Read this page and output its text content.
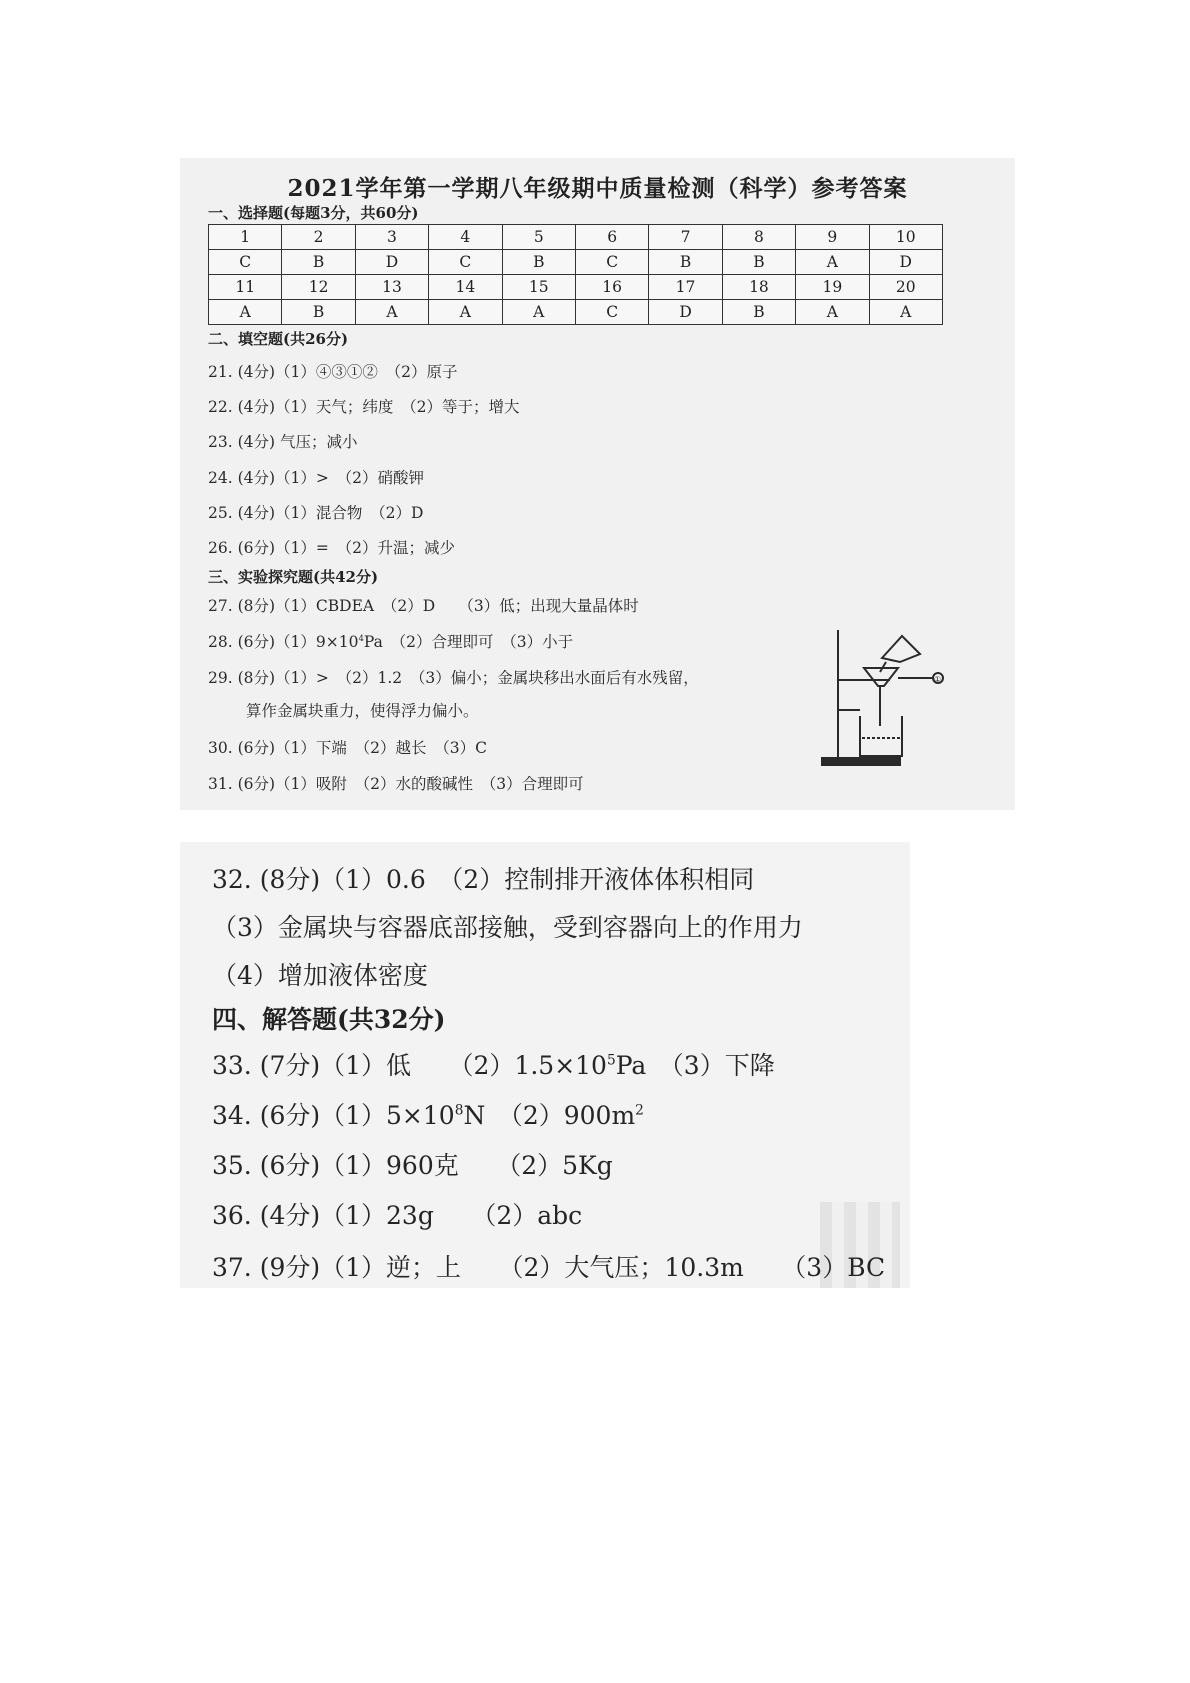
2021学年第一学期八年级期中质量检测（科学）参考答案
一、选择题(每题3分，共60分)
1	2	3	4	5	6	7	8	9	10
C	B	D	C	B	C	B	B	A	D
11	12	13	14	15	16	17	18	19	20
A	B	A	A	A	C	D	B	A	A
二、填空题(共26分)
21. (4分)（1）④③①②　（2）原子
22. (4分)（1）天气；纬度　（2）等于；增大
23. (4分) 气压；减小
24. (4分)（1）>　（2）硝酸钾
25. (4分)（1）混合物　（2）D
26. (6分)（1）=　（2）升温；减少
三、实验探究题(共42分)
27. (8分)（1）CBDEA　（2）D　　（3）低；出现大量晶体时
28. (6分)$(1)9\times 10^4Pa$　（2）合理即可　（3）小于
29. (8分)（1）>　（2）1.2　（3）偏小；金属块移出水面后有水残留，
算作金属块重力，使得浮力偏小。
30. (6分)（1）下端　（2）越长　（3）C
31. (6分)（1）吸附　（2）水的酸碱性　（3）合理即可
①
32. (8分)（1）0.6　（2）控制排开液体体积相同
（3）金属块与容器底部接触，受到容器向上的作用力
（4）增加液体密度
四、解答题(共32分)
33. (7分)（1）低　　$(2)1.5\times 10^5Pa$　（3）下降
34. (6分)$(1)5\times 10^8N$　$(2)900m^2$
35. (6分)（1）960克　　（2）5Kg
36. (4分)（1）23g　　（2）abc
37. (9分)（1）逆；上　　（2）大气压；10.3m　　（3）BC
